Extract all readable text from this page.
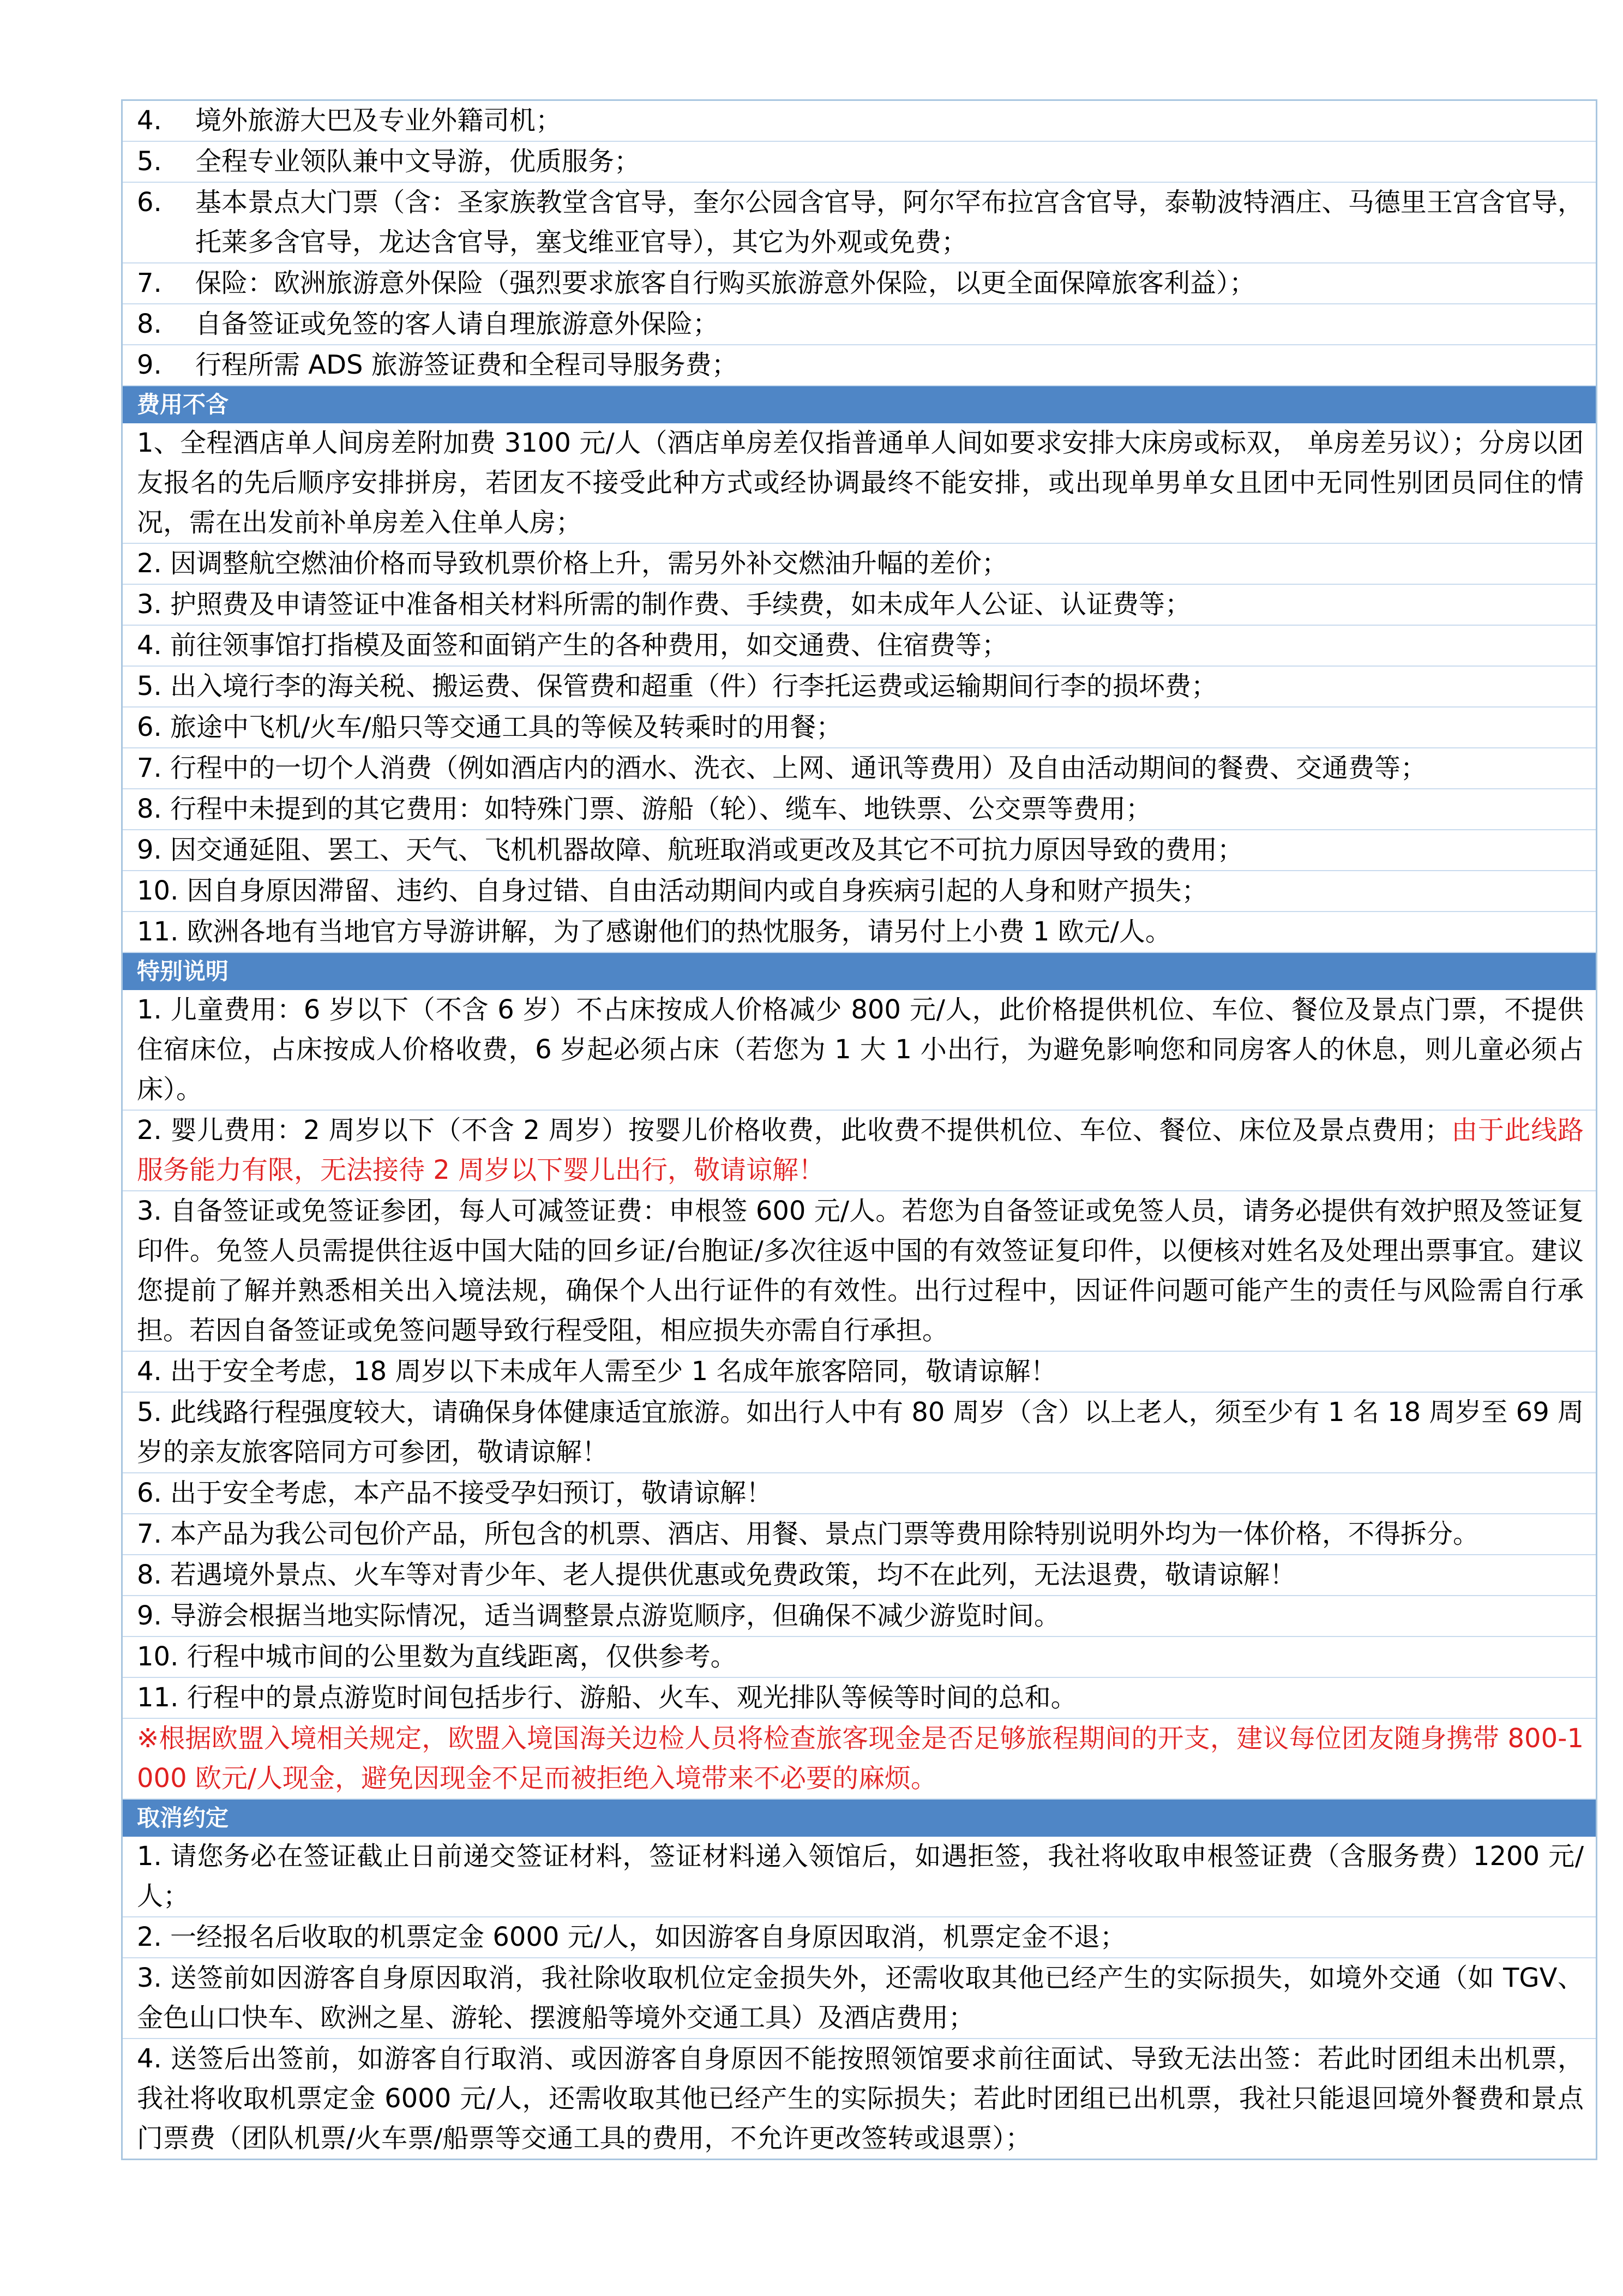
4.	境外旅游大巴及专业外籍司机；
5.	全程专业领队兼中文导游，优质服务；
6.	基本景点大门票（含：圣家族教堂含官导，奎尔公园含官导，阿尔罕布拉宫含官导，泰勒波特酒庄、马德里王宫含官导，托莱多含官导，龙达含官导，塞戈维亚官导），其它为外观或免费；
7.	保险：欧洲旅游意外保险（强烈要求旅客自行购买旅游意外保险，以更全面保障旅客利益）；
8.	自备签证或免签的客人请自理旅游意外保险；
9.	行程所需 ADS 旅游签证费和全程司导服务费；
费用不含
1、全程酒店单人间房差附加费 3100 元/人（酒店单房差仅指普通单人间如要求安排大床房或标双， 单房差另议）；分房以团友报名的先后顺序安排拼房，若团友不接受此种方式或经协调最终不能安排，或出现单男单女且团中无同性别团员同住的情况，需在出发前补单房差入住单人房；
2. 因调整航空燃油价格而导致机票价格上升，需另外补交燃油升幅的差价；
3. 护照费及申请签证中准备相关材料所需的制作费、手续费，如未成年人公证、认证费等；
4. 前往领事馆打指模及面签和面销产生的各种费用，如交通费、住宿费等；
5. 出入境行李的海关税、搬运费、保管费和超重（件）行李托运费或运输期间行李的损坏费；
6. 旅途中飞机/火车/船只等交通工具的等候及转乘时的用餐；
7. 行程中的一切个人消费（例如酒店内的酒水、洗衣、上网、通讯等费用）及自由活动期间的餐费、交通费等；
8. 行程中未提到的其它费用：如特殊门票、游船（轮）、缆车、地铁票、公交票等费用；
9. 因交通延阻、罢工、天气、飞机机器故障、航班取消或更改及其它不可抗力原因导致的费用；
10. 因自身原因滞留、违约、自身过错、自由活动期间内或自身疾病引起的人身和财产损失；
11. 欧洲各地有当地官方导游讲解，为了感谢他们的热忱服务，请另付上小费 1 欧元/人。
特别说明
1. 儿童费用：6 岁以下（不含 6 岁）不占床按成人价格减少 800 元/人，此价格提供机位、车位、餐位及景点门票，不提供住宿床位，占床按成人价格收费，6 岁起必须占床（若您为 1 大 1 小出行，为避免影响您和同房客人的休息，则儿童必须占床）。
2. 婴儿费用：2 周岁以下（不含 2 周岁）按婴儿价格收费，此收费不提供机位、车位、餐位、床位及景点费用；由于此线路服务能力有限，无法接待 2 周岁以下婴儿出行，敬请谅解！
3. 自备签证或免签证参团，每人可减签证费：申根签 600 元/人。若您为自备签证或免签人员，请务必提供有效护照及签证复印件。免签人员需提供往返中国大陆的回乡证/台胞证/多次往返中国的有效签证复印件，以便核对姓名及处理出票事宜。建议您提前了解并熟悉相关出入境法规，确保个人出行证件的有效性。出行过程中，因证件问题可能产生的责任与风险需自行承担。若因自备签证或免签问题导致行程受阻，相应损失亦需自行承担。
4. 出于安全考虑，18 周岁以下未成年人需至少 1 名成年旅客陪同，敬请谅解！
5. 此线路行程强度较大，请确保身体健康适宜旅游。如出行人中有 80 周岁（含）以上老人，须至少有 1 名 18 周岁至 69 周岁的亲友旅客陪同方可参团，敬请谅解！
6. 出于安全考虑，本产品不接受孕妇预订，敬请谅解！
7. 本产品为我公司包价产品，所包含的机票、酒店、用餐、景点门票等费用除特别说明外均为一体价格，不得拆分。
8. 若遇境外景点、火车等对青少年、老人提供优惠或免费政策，均不在此列，无法退费，敬请谅解！
9. 导游会根据当地实际情况，适当调整景点游览顺序，但确保不减少游览时间。
10. 行程中城市间的公里数为直线距离，仅供参考。
11. 行程中的景点游览时间包括步行、游船、火车、观光排队等候等时间的总和。
※根据欧盟入境相关规定，欧盟入境国海关边检人员将检查旅客现金是否足够旅程期间的开支，建议每位团友随身携带 800-1000 欧元/人现金，避免因现金不足而被拒绝入境带来不必要的麻烦。
取消约定
1. 请您务必在签证截止日前递交签证材料，签证材料递入领馆后，如遇拒签，我社将收取申根签证费（含服务费）1200 元/人；
2. 一经报名后收取的机票定金 6000 元/人，如因游客自身原因取消，机票定金不退；
3. 送签前如因游客自身原因取消，我社除收取机位定金损失外，还需收取其他已经产生的实际损失，如境外交通（如 TGV、金色山口快车、欧洲之星、游轮、摆渡船等境外交通工具）及酒店费用；
4. 送签后出签前，如游客自行取消、或因游客自身原因不能按照领馆要求前往面试、导致无法出签：若此时团组未出机票，我社将收取机票定金 6000 元/人，还需收取其他已经产生的实际损失；若此时团组已出机票，我社只能退回境外餐费和景点门票费（团队机票/火车票/船票等交通工具的费用，不允许更改签转或退票）；
